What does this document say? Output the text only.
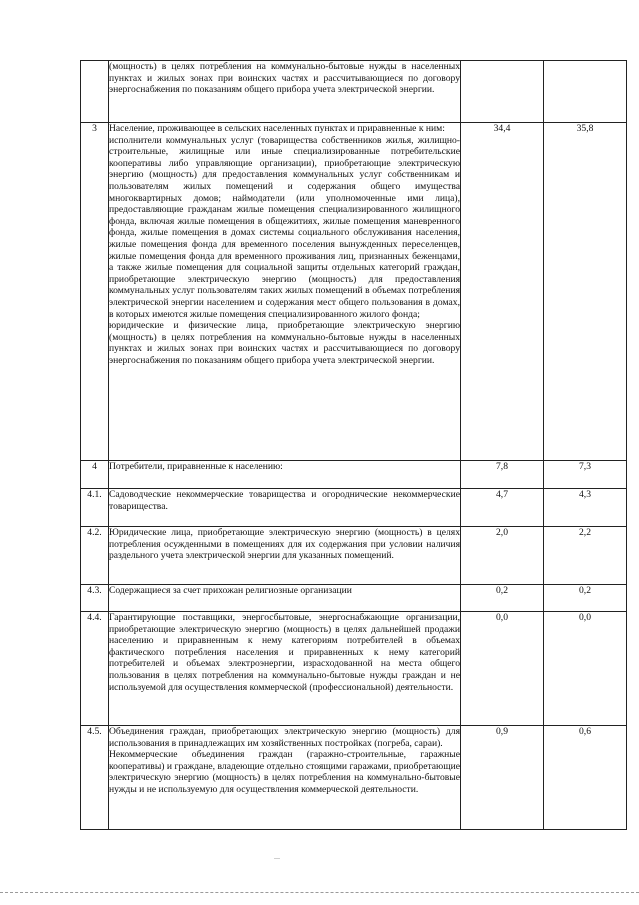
	(мощность) в целях потребления на коммунально-бытовые нужды в населенных пунктах и жилых зонах при воинских частях и рассчитывающиеся по договору энергоснабжения по показаниям общего прибора учета электрической энергии.		

3	Население, проживающее в сельских населенных пунктах и приравненные к ним:

исполнители коммунальных услуг (товарищества собственников жилья, жилищно-строительные, жилищные или иные специализированные потребительские кооперативы либо управляющие организации), приобретающие электрическую энергию (мощность) для предоставления коммунальных услуг собственникам и пользователям жилых помещений и содержания общего имущества многоквартирных домов; наймодатели (или уполномоченные ими лица), предоставляющие гражданам жилые помещения специализированного жилищного фонда, включая жилые помещения в общежитиях, жилые помещения маневренного фонда, жилые помещения в домах системы социального обслуживания населения, жилые помещения фонда для временного поселения вынужденных переселенцев, жилые помещения фонда для временного проживания лиц, признанных беженцами, а также жилые помещения для социальной защиты отдельных категорий граждан, приобретающие электрическую энергию (мощность) для предоставления коммунальных услуг пользователям таких жилых помещений в объемах потребления электрической энергии населением и содержания мест общего пользования в домах, в которых имеются жилые помещения специализированного жилого фонда;

юридические и физические лица, приобретающие электрическую энергию (мощность) в целях потребления на коммунально-бытовые нужды в населенных пунктах и жилых зонах при воинских частях и рассчитывающиеся по договору энергоснабжения по показаниям общего прибора учета электрической энергии.	34,4	35,8
4	Потребители, приравненные к населению:	7,8	7,3
4.1.	Садоводческие некоммерческие товарищества и огороднические некоммерческие товарищества.	4,7	4,3
4.2.	Юридические лица, приобретающие электрическую энергию (мощность) в целях потребления осужденными в помещениях для их содержания при условии наличия раздельного учета электрической энергии для указанных помещений.	2,0	2,2
4.3.	Содержащиеся за счет прихожан религиозные организации	0,2	0,2
4.4.	Гарантирующие поставщики, энергосбытовые, энергоснабжающие организации, приобретающие электрическую энергию (мощность) в целях дальнейшей продажи населению и приравненным к нему категориям потребителей в объемах фактического потребления населения и приравненных к нему категорий потребителей и объемах электроэнергии, израсходованной на места общего пользования в целях потребления на коммунально-бытовые нужды граждан и не используемой для осуществления коммерческой (профессиональной) деятельности.	0,0	0,0
4.5.	Объединения граждан, приобретающих электрическую энергию (мощность) для использования в принадлежащих им хозяйственных постройках (погреба, сараи).

Некоммерческие объединения граждан (гаражно-строительные, гаражные кооперативы) и граждане, владеющие отдельно стоящими гаражами, приобретающие электрическую энергию (мощность) в целях потребления на коммунально-бытовые нужды и не используемую для осуществления коммерческой деятельности.	0,9	0,6
